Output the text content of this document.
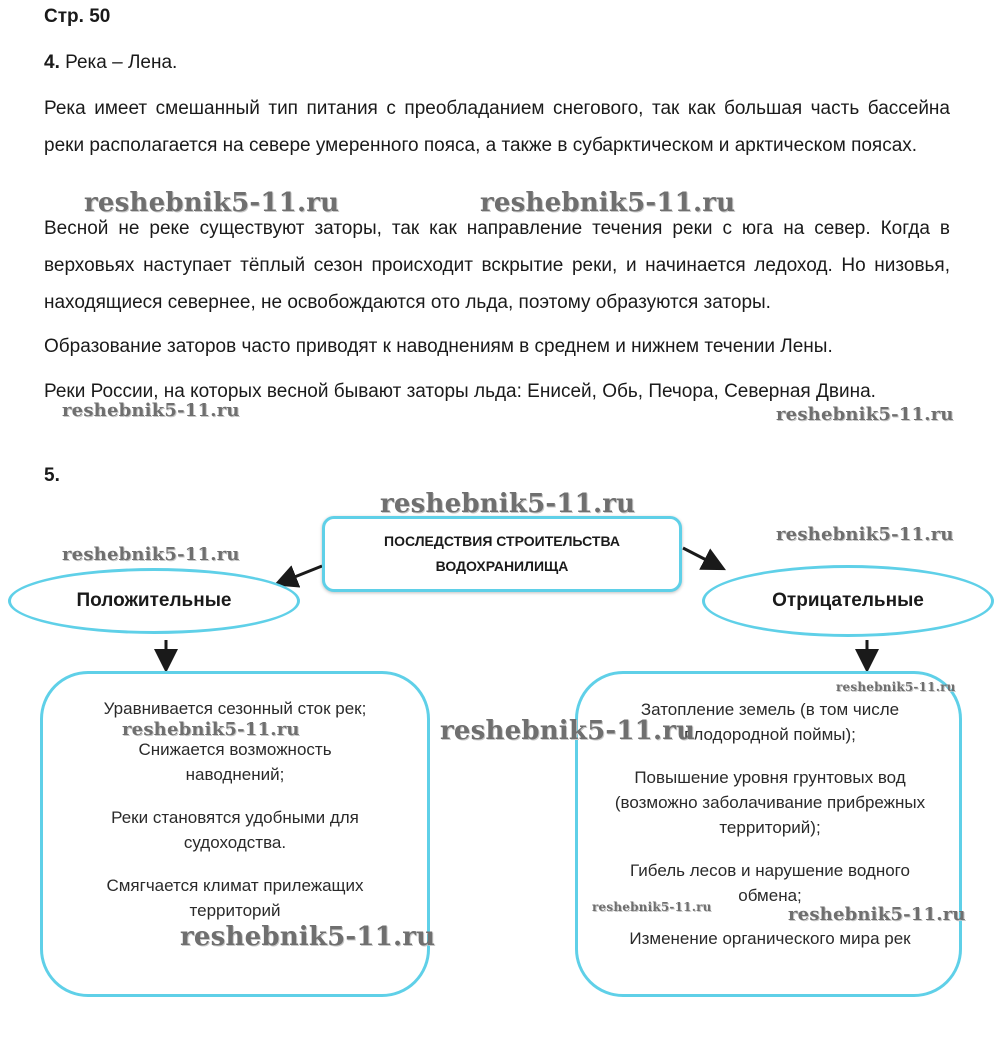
Стр. 50
4. Река – Лена.
Река имеет смешанный тип питания с преобладанием снегового, так как большая часть бассейна реки располагается на севере умеренного пояса, а также в субарктическом и арктическом поясах.
Весной не реке существуют заторы, так как направление течения реки с юга на север. Когда в верховьях наступает тёплый сезон происходит вскрытие реки, и начинается ледоход. Но низовья, находящиеся севернее, не освобождаются ото льда, поэтому образуются заторы.
Образование заторов часто приводят к наводнениям в среднем и нижнем течении Лены.
Реки России, на которых весной бывают заторы льда: Енисей, Обь, Печора, Северная Двина.
5.
ПОСЛЕДСТВИЯ СТРОИТЕЛЬСТВА
ВОДОХРАНИЛИЩА
Положительные	Отрицательные
Уравнивается сезонный сток рек;
Снижается возможность наводнений;
Реки становятся удобными для судоходства.
Смягчается климат прилежащих территорий
Затопление земель (в том числе плодородной поймы);
Повышение уровня грунтовых вод (возможно заболачивание прибрежных территорий);
Гибель лесов и нарушение водного обмена;
Изменение органического мира рек
reshebnik5-11.ru	reshebnik5-11.ru
reshebnik5-11.ru	reshebnik5-11.ru
reshebnik5-11.ru
reshebnik5-11.ru
reshebnik5-11.ru
reshebnik5-11.ru
reshebnik5-11.ru	reshebnik5-11.ru
reshebnik5-11.ru	reshebnik5-11.ru
reshebnik5-11.ru
